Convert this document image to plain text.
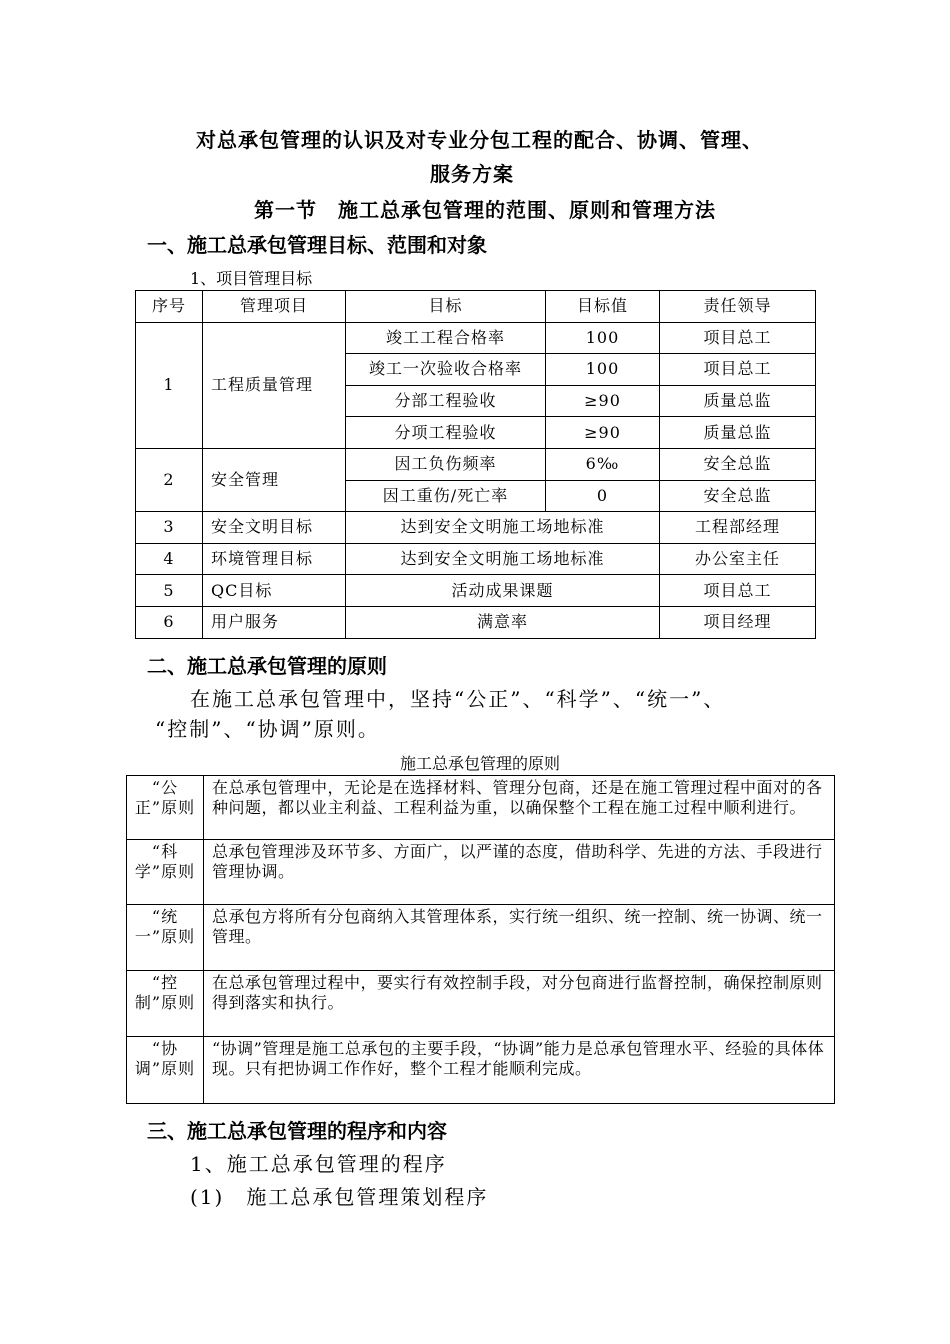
对总承包管理的认识及对专业分包工程的配合、协调、管理、
服务方案
第一节　施工总承包管理的范围、原则和管理方法
一、施工总承包管理目标、范围和对象
1、项目管理目标
序号	管理项目	目标	目标值	责任领导
1	工程质量管理	竣工工程合格率	100	项目总工
		竣工一次验收合格率	100	项目总工
		分部工程验收	≥90	质量总监
		分项工程验收	≥90	质量总监
2	安全管理	因工负伤频率	6‰	安全总监
		因工重伤/死亡率	0	安全总监
3	安全文明目标	达到安全文明施工场地标准		工程部经理
4	环境管理目标	达到安全文明施工场地标准		办公室主任
5	QC目标	活动成果课题		项目总工
6	用户服务	满意率		项目经理
二、施工总承包管理的原则
在施工总承包管理中，坚持“公正”、“科学”、“统一”、
“控制”、“协调”原则。
施工总承包管理的原则
“公正”原则	在总承包管理中，无论是在选择材料、管理分包商，还是在施工管理过程中面对的各种问题，都以业主利益、工程利益为重，以确保整个工程在施工过程中顺利进行。
“科学”原则	总承包管理涉及环节多、方面广，以严谨的态度，借助科学、先进的方法、手段进行管理协调。
“统一”原则	总承包方将所有分包商纳入其管理体系，实行统一组织、统一控制、统一协调、统一管理。
“控制”原则	在总承包管理过程中，要实行有效控制手段，对分包商进行监督控制，确保控制原则得到落实和执行。
“协调”原则	“协调”管理是施工总承包的主要手段，“协调”能力是总承包管理水平、经验的具体体现。只有把协调工作作好，整个工程才能顺利完成。
三、施工总承包管理的程序和内容
1、施工总承包管理的程序
(1)　施工总承包管理策划程序
